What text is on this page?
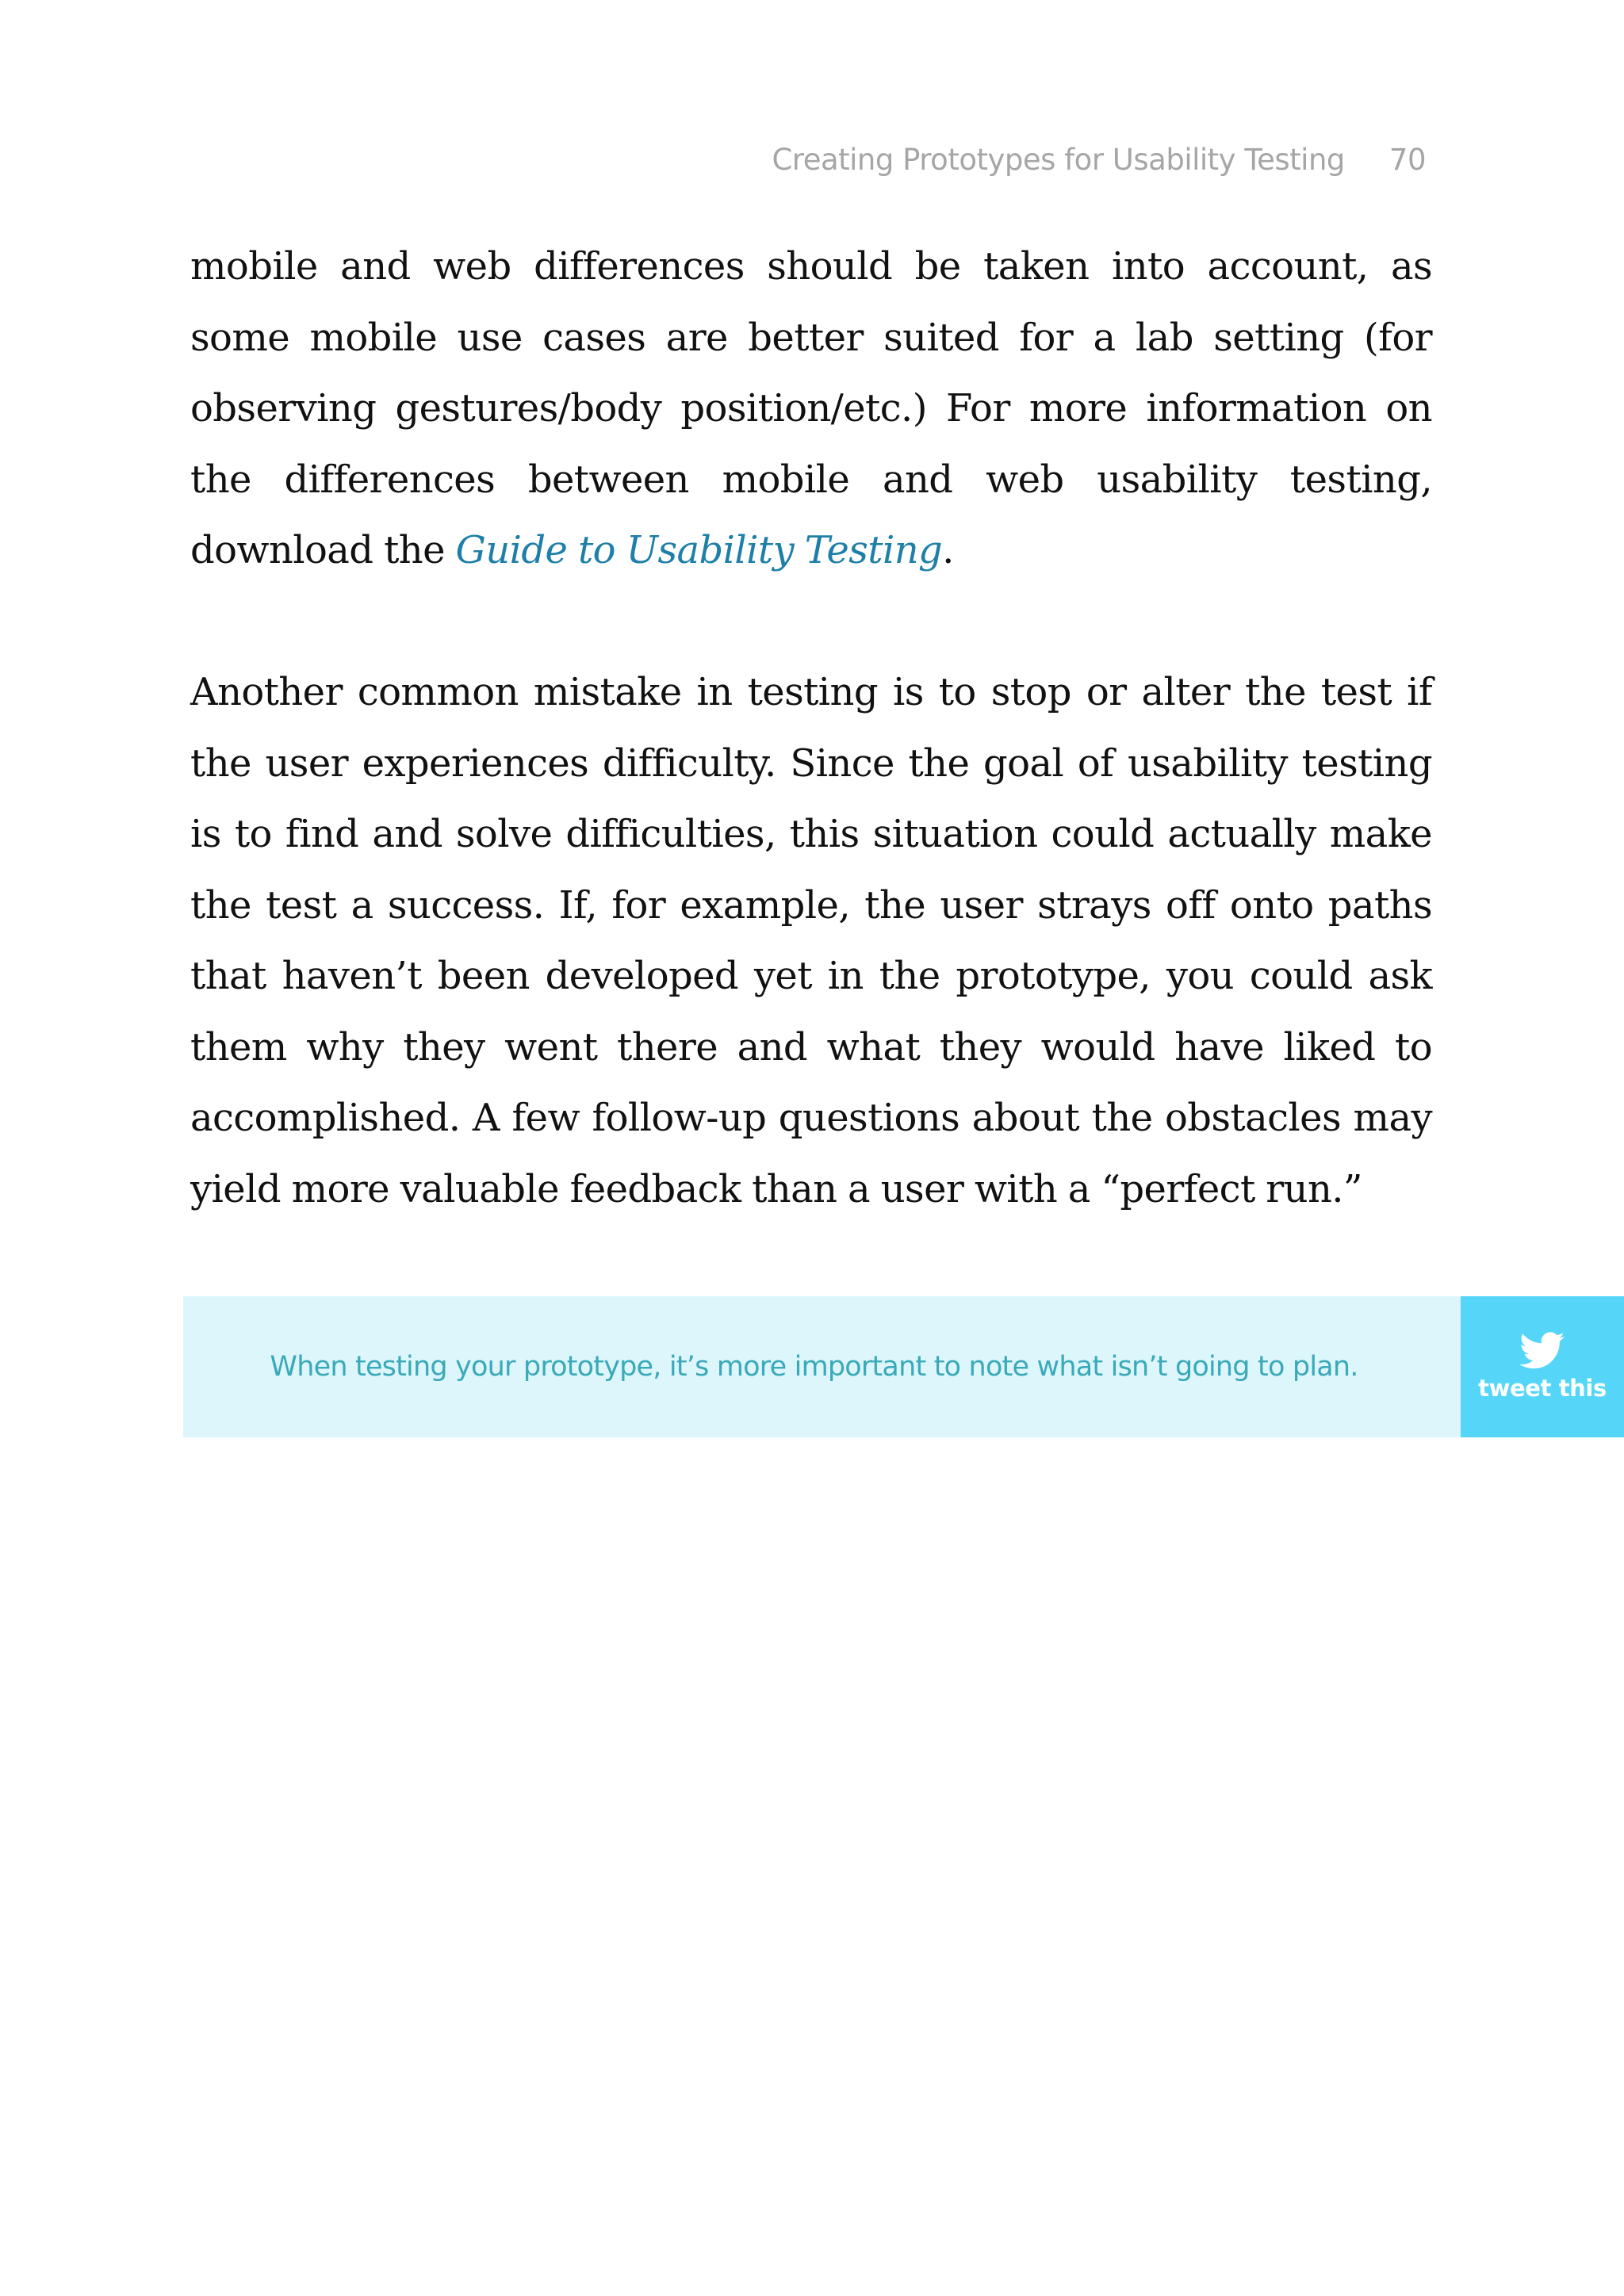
Creating Prototypes for Usability Testing 70

mobile and web differences should be taken into account, as some mobile use cases are better suited for a lab setting (for observing gestures/body position/etc.) For more information on the differences between mobile and web usability testing, download the Guide to Usability Testing.

Another common mistake in testing is to stop or alter the test if the user experiences difficulty. Since the goal of usability testing is to find and solve difficulties, this situation could actually make the test a success. If, for example, the user strays off onto paths that haven’t been developed yet in the prototype, you could ask them why they went there and what they would have liked to accomplished. A few follow-up questions about the obstacles may yield more valuable feedback than a user with a “perfect run.”

When testing your prototype, it’s more important to note what isn’t going to plan.
tweet this
